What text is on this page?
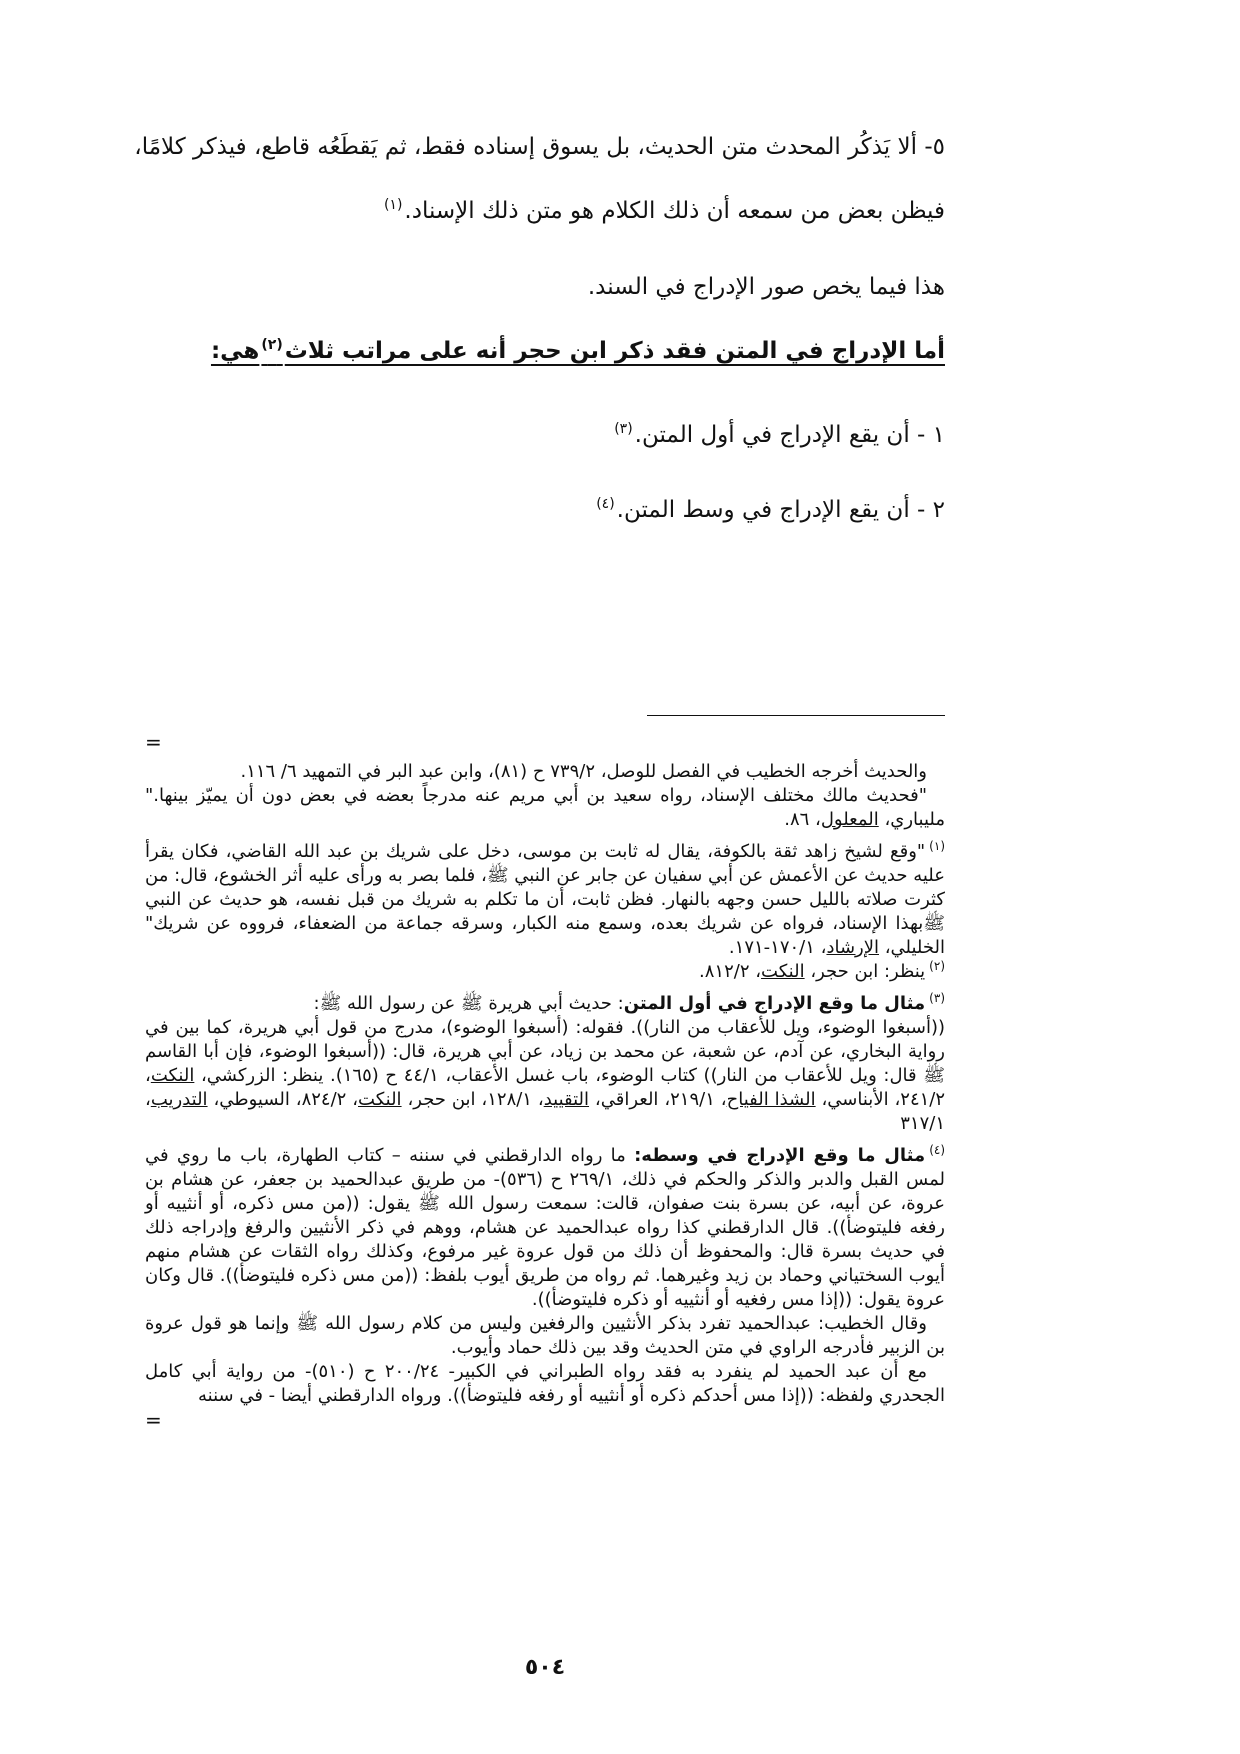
٥- ألا يَذكُر المحدث متن الحديث، بل يسوق إسناده فقط، ثم يَقطَعُه قاطع، فيذكر كلامًا،
فيظن بعض من سمعه أن ذلك الكلام هو متن ذلك الإسناد.$^{(١)}$
هذا فيما يخص صور الإدراج في السند.
أما الإدراج في المتن فقد ذكر ابن حجر أنه على مراتب ثلاث$^{(٢)}$هي:
١ - أن يقع الإدراج في أول المتن.$^{(٣)}$
٢ - أن يقع الإدراج في وسط المتن.$^{(٤)}$
=

والحديث أخرجه الخطيب في الفصل للوصل، ٧٣٩/٢ ح (٨١)، وابن عبد البر في التمهيد ٦/ ١١٦.

"فحديث مالك مختلف الإسناد، رواه سعيد بن أبي مريم عنه مدرجاً بعضه في بعض دون أن يميّز بينها." مليباري، المعلول، ٨٦.

$^{(١)}$"وقع لشيخ زاهد ثقة بالكوفة، يقال له ثابت بن موسى، دخل على شريك بن عبد الله القاضي، فكان يقرأ عليه حديث عن الأعمش عن أبي سفيان عن جابر عن النبي ﷺ، فلما بصر به ورأى عليه أثر الخشوع، قال: من كثرت صلاته بالليل حسن وجهه بالنهار. فظن ثابت، أن ما تكلم به شريك من قبل نفسه، هو حديث عن النبي ﷺبهذا الإسناد، فرواه عن شريك بعده، وسمع منه الكبار، وسرقه جماعة من الضعفاء، فرووه عن شريك" الخليلي، الإرشاد، ١٧٠/١-١٧١.

$^{(٢)}$ينظر: ابن حجر، النكت، ٨١٢/٢.

$^{(٣)}$مثال ما وقع الإدراج في أول المتن: حديث أبي هريرة ﷺ عن رسول الله ﷺ:

((أسبغوا الوضوء، ويل للأعقاب من النار)). فقوله: (أسبغوا الوضوء)، مدرج من قول أبي هريرة، كما بين في رواية البخاري، عن آدم، عن شعبة، عن محمد بن زياد، عن أبي هريرة، قال: ((أسبغوا الوضوء، فإن أبا القاسم ﷺ قال: ويل للأعقاب من النار)) كتاب الوضوء، باب غسل الأعقاب، ٤٤/١ ح (١٦٥). ينظر: الزركشي، النكت، ٢٤١/٢، الأبناسي، الشذا الفياح، ٢١٩/١، العراقي، التقييد، ١٢٨/١، ابن حجر، النكت، ٨٢٤/٢، السيوطي، التدريب، ٣١٧/١

$^{(٤)}$مثال ما وقع الإدراج في وسطه: ما رواه الدارقطني في سننه – كتاب الطهارة، باب ما روي في لمس القبل والدبر والذكر والحكم في ذلك، ٢٦٩/١ ح (٥٣٦)- من طريق عبدالحميد بن جعفر، عن هشام بن عروة، عن أبيه، عن بسرة بنت صفوان، قالت: سمعت رسول الله ﷺ يقول: ((من مس ذكره، أو أنثييه أو رفغه فليتوضأ)). قال الدارقطني كذا رواه عبدالحميد عن هشام، ووهم في ذكر الأنثيين والرفغ وإدراجه ذلك في حديث بسرة قال: والمحفوظ أن ذلك من قول عروة غير مرفوع، وكذلك رواه الثقات عن هشام منهم أيوب السختياني وحماد بن زيد وغيرهما. ثم رواه من طريق أيوب بلفظ: ((من مس ذكره فليتوضأ)). قال وكان عروة يقول: ((إذا مس رفغيه أو أنثييه أو ذكره فليتوضأ)).

وقال الخطيب: عبدالحميد تفرد بذكر الأنثيين والرفغين وليس من كلام رسول الله ﷺ وإنما هو قول عروة بن الزبير فأدرجه الراوي في متن الحديث وقد بين ذلك حماد وأيوب.

مع أن عبد الحميد لم ينفرد به فقد رواه الطبراني في الكبير- ٢٠٠/٢٤ ح (٥١٠)- من رواية أبي كامل الجحدري ولفظه: ((إذا مس أحدكم ذكره أو أنثييه أو رفغه فليتوضأ)). ورواه الدارقطني أيضا - في سننه

=
٥٠٤
